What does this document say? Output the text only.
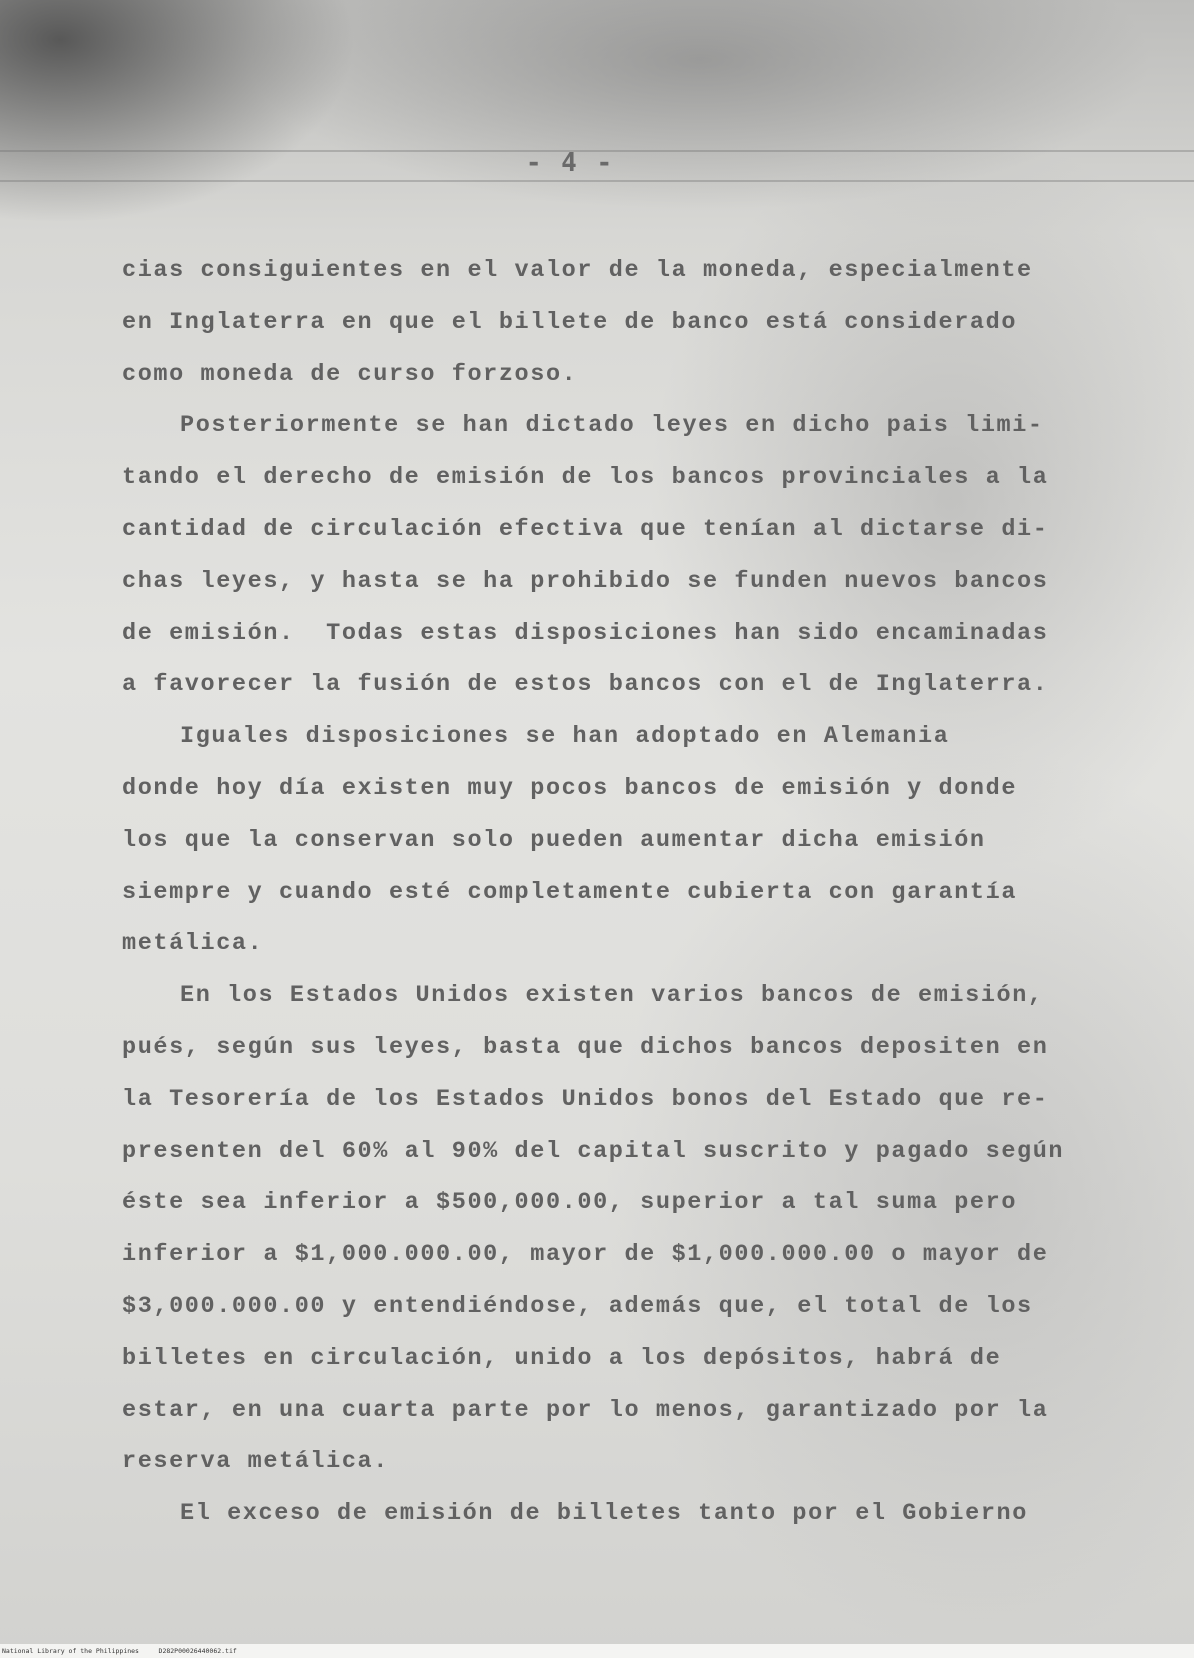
- 4 -
cias consiguientes en el valor de la moneda, especialmente
en Inglaterra en que el billete de banco está considerado
como moneda de curso forzoso.
Posteriormente se han dictado leyes en dicho pais limi-
tando el derecho de emisión de los bancos provinciales a la
cantidad de circulación efectiva que tenían al dictarse di-
chas leyes, y hasta se ha prohibido se funden nuevos bancos
de emisión.  Todas estas disposiciones han sido encaminadas
a favorecer la fusión de estos bancos con el de Inglaterra.
Iguales disposiciones se han adoptado en Alemania
donde hoy día existen muy pocos bancos de emisión y donde
los que la conservan solo pueden aumentar dicha emisión
siempre y cuando esté completamente cubierta con garantía
metálica.
En los Estados Unidos existen varios bancos de emisión,
pués, según sus leyes, basta que dichos bancos depositen en
la Tesorería de los Estados Unidos bonos del Estado que re-
presenten del 60% al 90% del capital suscrito y pagado según
éste sea inferior a $500,000.00, superior a tal suma pero
inferior a $1,000.000.00, mayor de $1,000.000.00 o mayor de
$3,000.000.00 y entendiéndose, además que, el total de los
billetes en circulación, unido a los depósitos, habrá de
estar, en una cuarta parte por lo menos, garantizado por la
reserva metálica.
El exceso de emisión de billetes tanto por el Gobierno
National Library of the Philippines     D282P00026440062.tif
